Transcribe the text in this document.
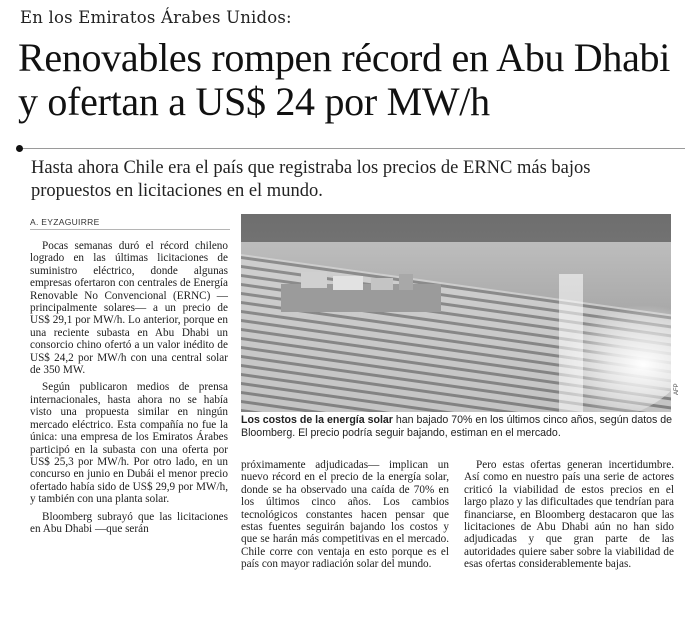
En los Emiratos Árabes Unidos:
Renovables rompen récord en Abu Dhabi y ofertan a US$ 24 por MW/h
Hasta ahora Chile era el país que registraba los precios de ERNC más bajos propuestos en licitaciones en el mundo.
A. EYZAGUIRRE

Pocas semanas duró el récord chileno logrado en las últimas licitaciones de suministro eléctrico, donde algunas empresas ofertaron con centrales de Energía Renovable No Convencional (ERNC) —principalmente solares— a un precio de US$ 29,1 por MW/h. Lo anterior, porque en una reciente subasta en Abu Dhabi un consorcio chino ofertó a un valor inédito de US$ 24,2 por MW/h con una central solar de 350 MW.

Según publicaron medios de prensa internacionales, hasta ahora no se había visto una propuesta similar en ningún mercado eléctrico. Esta compañía no fue la única: una empresa de los Emiratos Árabes participó en la subasta con una oferta por US$ 25,3 por MW/h. Por otro lado, en un concurso en junio en Dubái el menor precio ofertado había sido de US$ 29,9 por MW/h, y también con una planta solar.

Bloomberg subrayó que las licitaciones en Abu Dhabi —que serán

AFP
Los costos de la energía solar han bajado 70% en los últimos cinco años, según datos de Bloomberg. El precio podría seguir bajando, estiman en el mercado.

próximamente adjudicadas— implican un nuevo récord en el precio de la energía solar, donde se ha observado una caída de 70% en los últimos cinco años. Los cambios tecnológicos constantes hacen pensar que estas fuentes seguirán bajando los costos y que se harán más competitivas en el mercado. Chile corre con ventaja en esto porque es el país con mayor radiación solar del mundo.

Pero estas ofertas generan incertidumbre. Así como en nuestro país una serie de actores criticó la viabilidad de estos precios en el largo plazo y las dificultades que tendrían para financiarse, en Bloomberg destacaron que las licitaciones de Abu Dhabi aún no han sido adjudicadas y que gran parte de las autoridades quiere saber sobre la viabilidad de esas ofertas considerablemente bajas.
